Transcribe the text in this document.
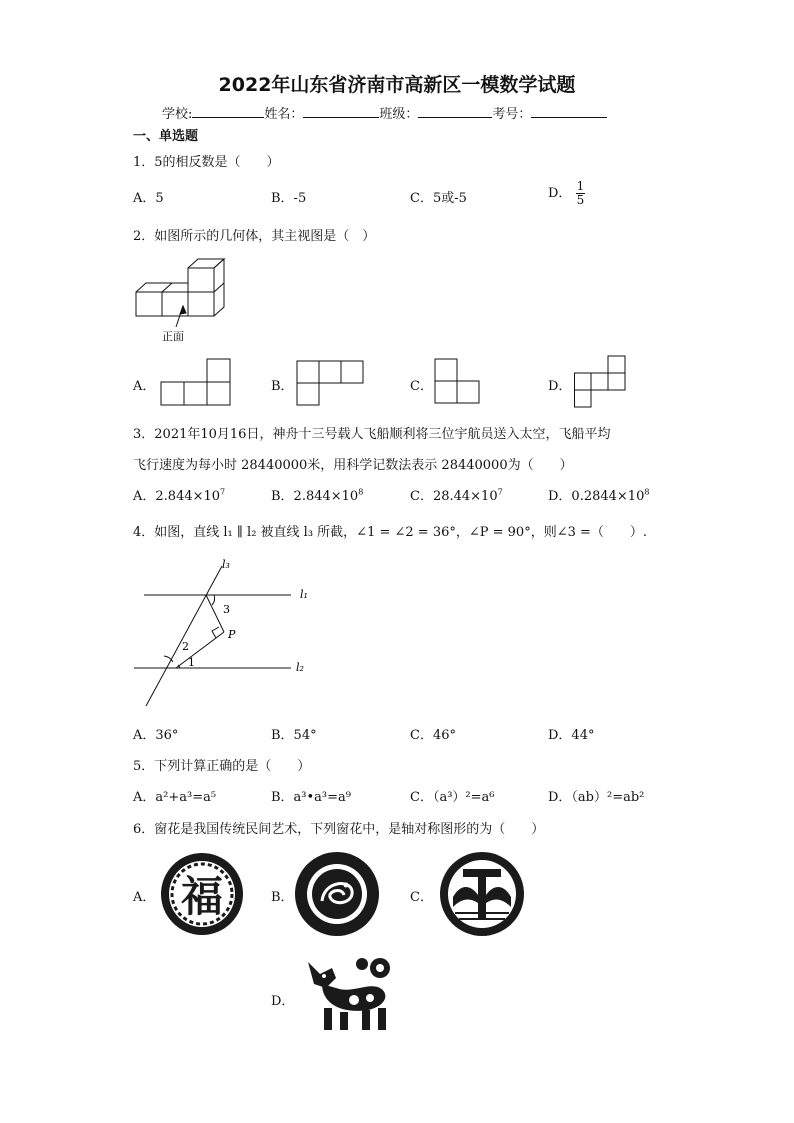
2022年山东省济南市高新区一模数学试题
学校:	姓名：	班级：	考号：
一、单选题
1．5的相反数是（　　）
A．5	B．-5	C．5或-5	D． $\frac{1}{5}$
2．如图所示的几何体，其主视图是（　）
正面
A．	B．	C．	D．
3．2021年10月16日，神舟十三号载人飞船顺利将三位宇航员送入太空，飞船平均
飞行速度为每小时 28440000米，用科学记数法表示 28440000为（　　）
A．$2.844\times 10^7$	B．$2.844\times 10^8$	C．$28.44\times 10^7$	D．$0.2844\times 10^8$
4．如图，直线 l₁ ∥ l₂ 被直线 l₃ 所截，∠1 = ∠2 = 36°，∠P = 90°，则∠3 =（　　）.
l₃
l₁
l₂
P
3
2
1
A．36°	B．54°	C．46°	D．44°
5．下列计算正确的是（　　）
A．a²+a³=a⁵	B．a³•a³=a⁹	C．（a³）²=a⁶	D．（ab）²=ab²
6．窗花是我国传统民间艺术，下列窗花中，是轴对称图形的为（　　）
A． 福	B．	C．
D．
